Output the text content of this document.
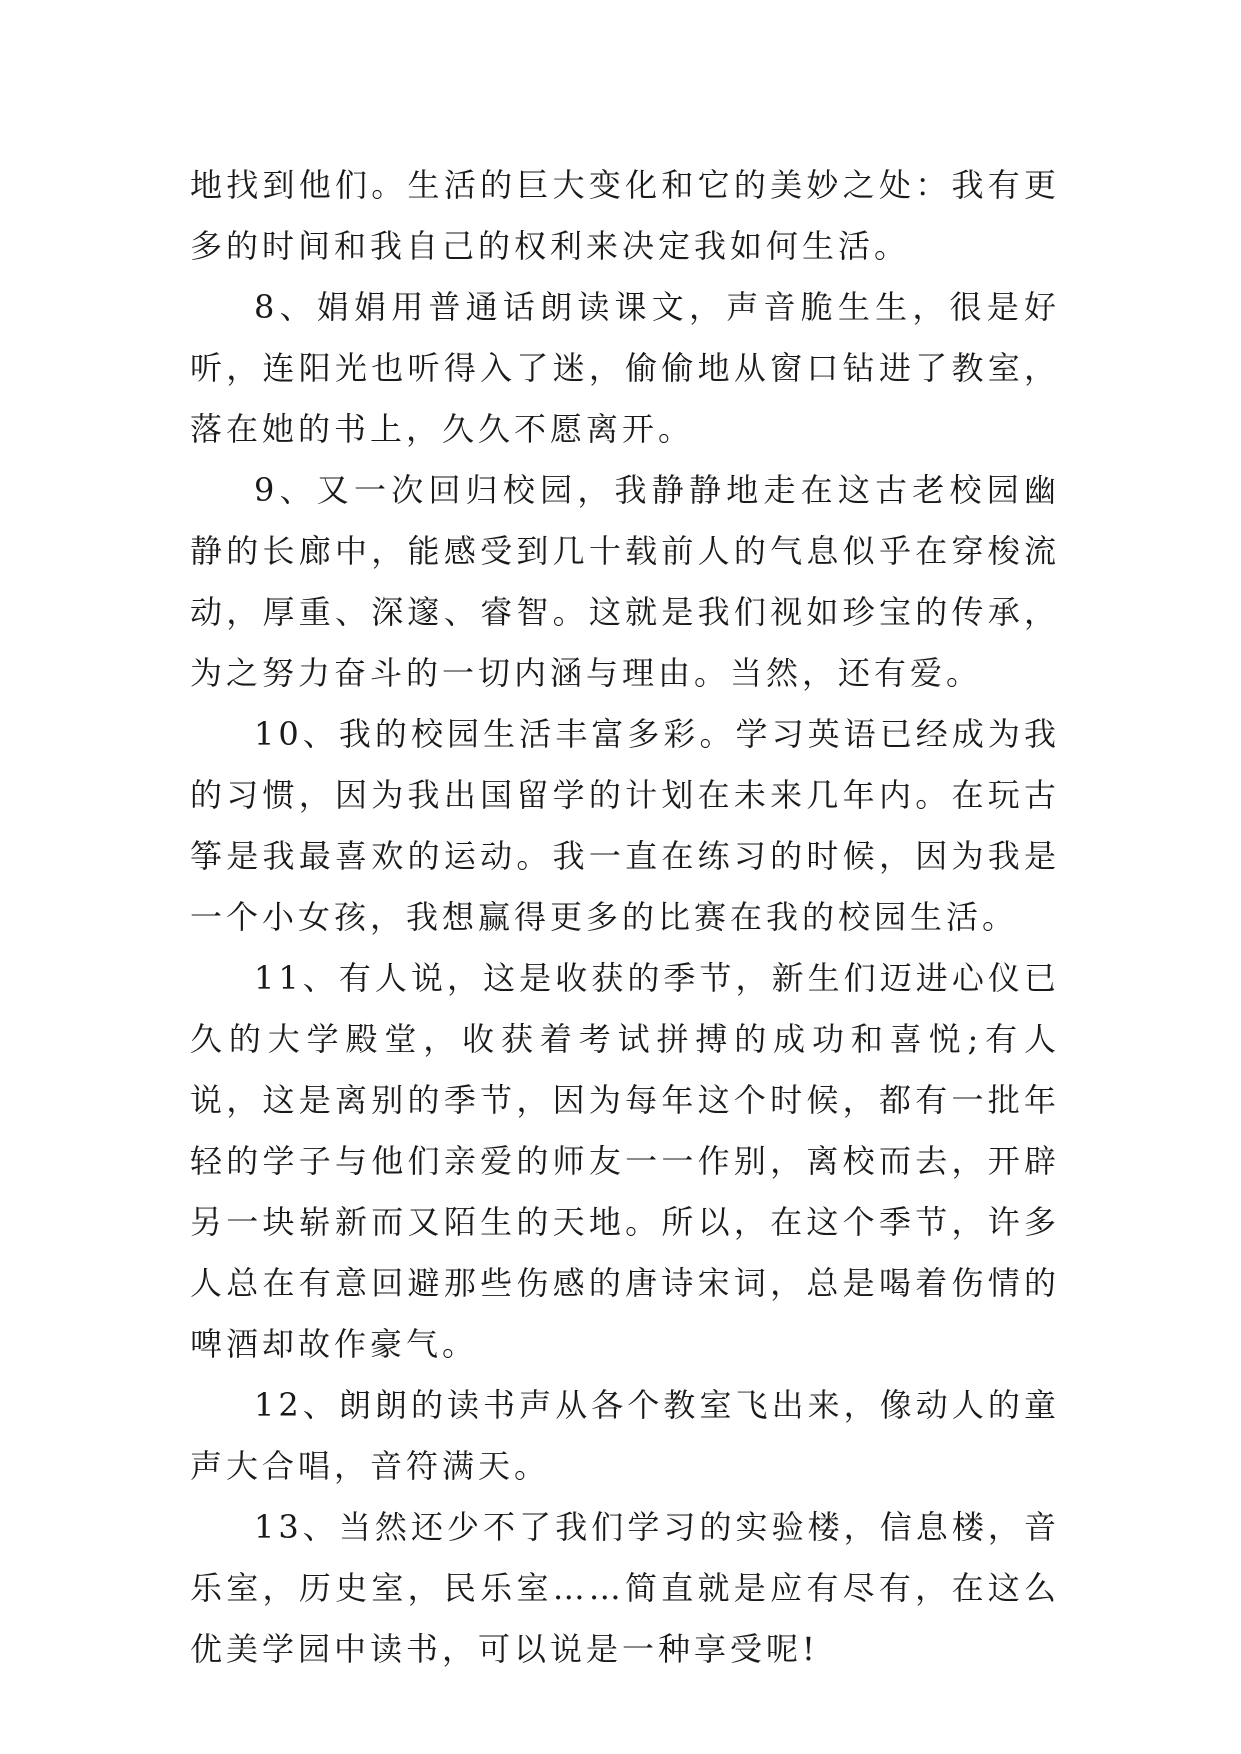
地找到他们。生活的巨大变化和它的美妙之处：我有更多的时间和我自己的权利来决定我如何生活。

8、娟娟用普通话朗读课文，声音脆生生，很是好听，连阳光也听得入了迷，偷偷地从窗口钻进了教室，落在她的书上，久久不愿离开。

9、又一次回归校园，我静静地走在这古老校园幽静的长廊中，能感受到几十载前人的气息似乎在穿梭流动，厚重、深邃、睿智。这就是我们视如珍宝的传承，为之努力奋斗的一切内涵与理由。当然，还有爱。

10、我的校园生活丰富多彩。学习英语已经成为我的习惯，因为我出国留学的计划在未来几年内。在玩古筝是我最喜欢的运动。我一直在练习的时候，因为我是一个小女孩，我想赢得更多的比赛在我的校园生活。

11、有人说，这是收获的季节，新生们迈进心仪已久的大学殿堂，收获着考试拼搏的成功和喜悦;有人说，这是离别的季节，因为每年这个时候，都有一批年轻的学子与他们亲爱的师友一一作别，离校而去，开辟另一块崭新而又陌生的天地。所以，在这个季节，许多人总在有意回避那些伤感的唐诗宋词，总是喝着伤情的啤酒却故作豪气。

12、朗朗的读书声从各个教室飞出来，像动人的童声大合唱，音符满天。

13、当然还少不了我们学习的实验楼，信息楼，音乐室，历史室，民乐室……简直就是应有尽有，在这么优美学园中读书，可以说是一种享受呢!
